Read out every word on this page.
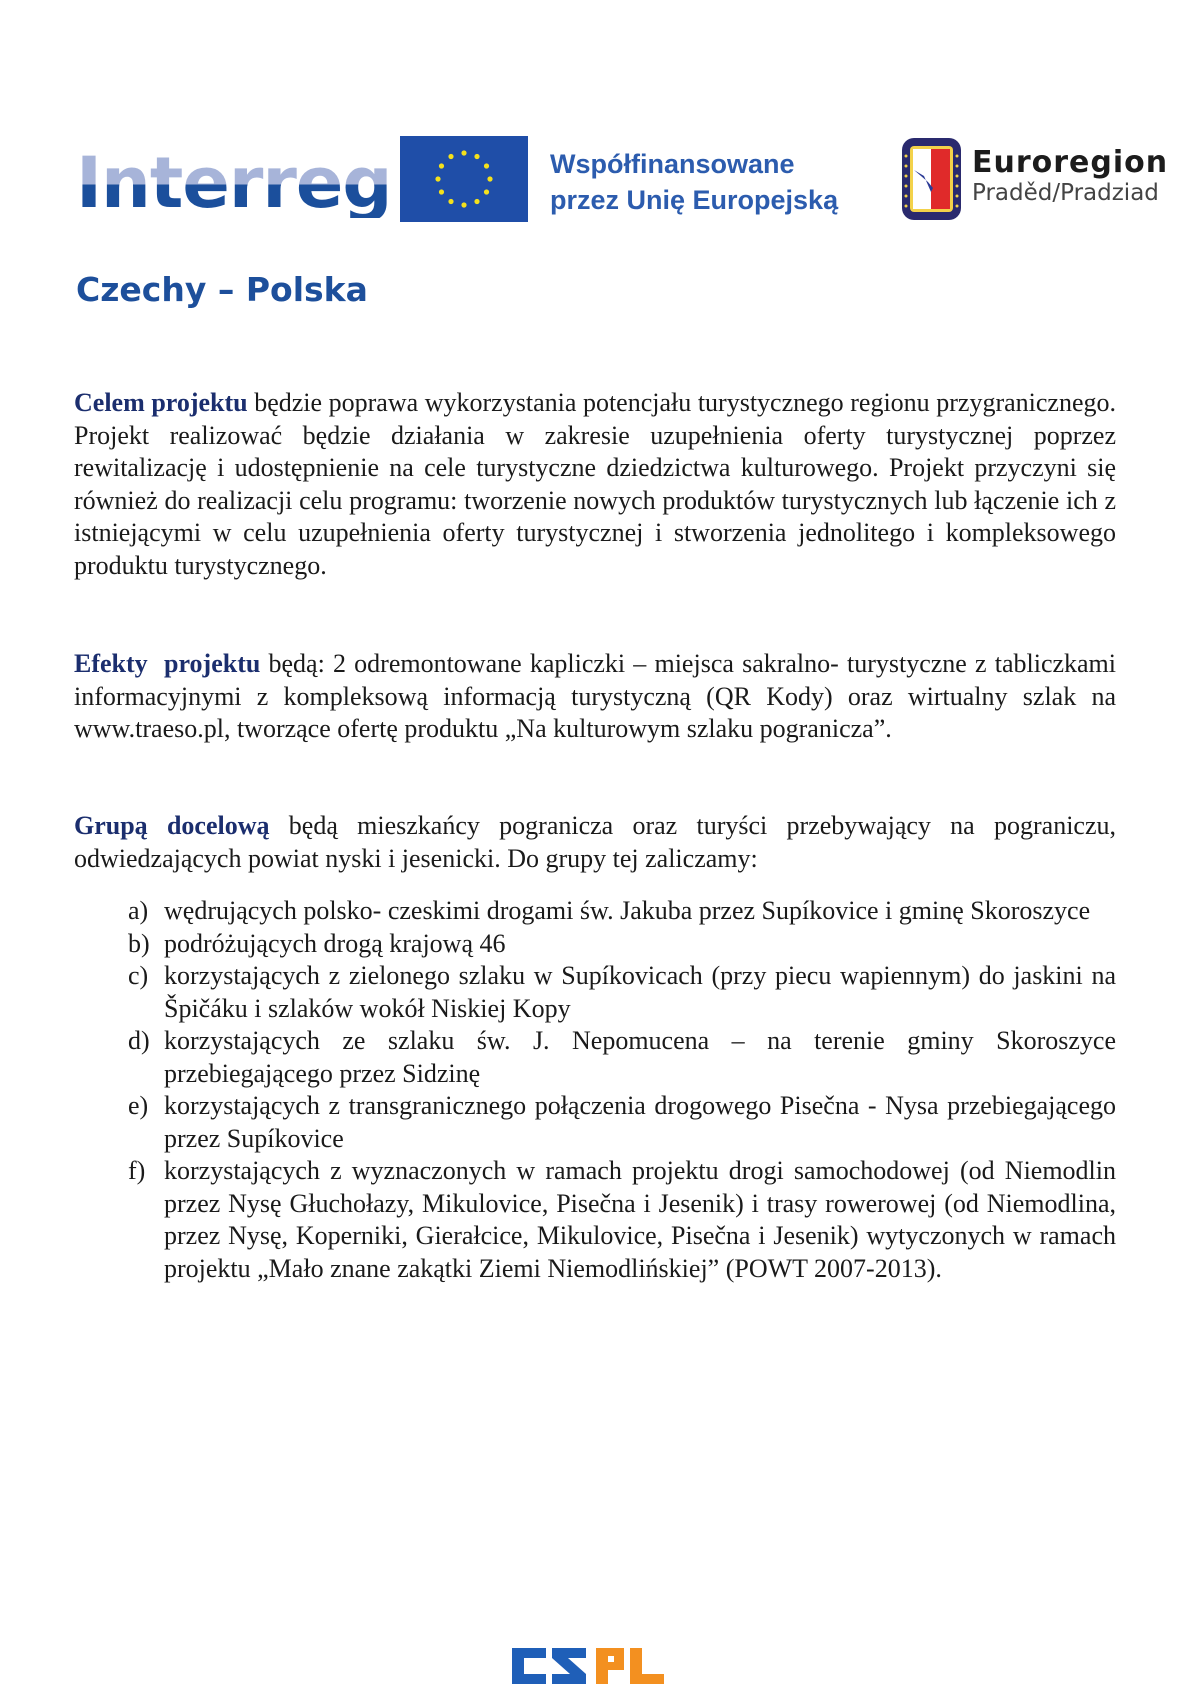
Interreg
Czechy – Polska
Współfinansowane
przez Unię Europejską
Euroregion
Praděd/Pradziad

Celem projektu będzie poprawa wykorzystania potencjału turystycznego regionu przygranicznego. Projekt realizować będzie działania w zakresie uzupełnienia oferty turystycznej poprzez rewitalizację i udostępnienie na cele turystyczne dziedzictwa kulturowego. Projekt przyczyni się również do realizacji celu programu: tworzenie nowych produktów turystycznych lub łączenie ich z istniejącymi w celu uzupełnienia oferty turystycznej i stworzenia jednolitego i kompleksowego produktu turystycznego.

Efekty  projektu będą: 2 odremontowane kapliczki – miejsca sakralno- turystyczne z tabliczkami informacyjnymi z kompleksową informacją turystyczną (QR Kody) oraz wirtualny szlak na www.traeso.pl, tworzące ofertę produktu „Na kulturowym szlaku pogranicza”.

Grupą docelową będą mieszkańcy pogranicza oraz turyści przebywający na pograniczu, odwiedzających powiat nyski i jesenicki. Do grupy tej zaliczamy:

a) wędrujących polsko- czeskimi drogami św. Jakuba przez Supíkovice i gminę Skoroszyce
b) podróżujących drogą krajową 46
c) korzystających z zielonego szlaku w Supíkovicach (przy piecu wapiennym) do jaskini na Špičáku i szlaków wokół Niskiej Kopy
d) korzystających ze szlaku św. J. Nepomucena – na terenie gminy Skoroszyce przebiegającego przez Sidzinę
e) korzystających z transgranicznego połączenia drogowego Pisečna - Nysa przebiegającego przez Supíkovice
f) korzystających z wyznaczonych w ramach projektu drogi samochodowej (od Niemodlin przez Nysę Głuchołazy, Mikulovice, Pisečna i Jesenik) i trasy rowerowej (od Niemodlina, przez Nysę, Koperniki, Gierałcice, Mikulovice, Pisečna i Jesenik) wytyczonych w ramach projektu „Mało znane zakątki Ziemi Niemodlińskiej” (POWT 2007-2013).
